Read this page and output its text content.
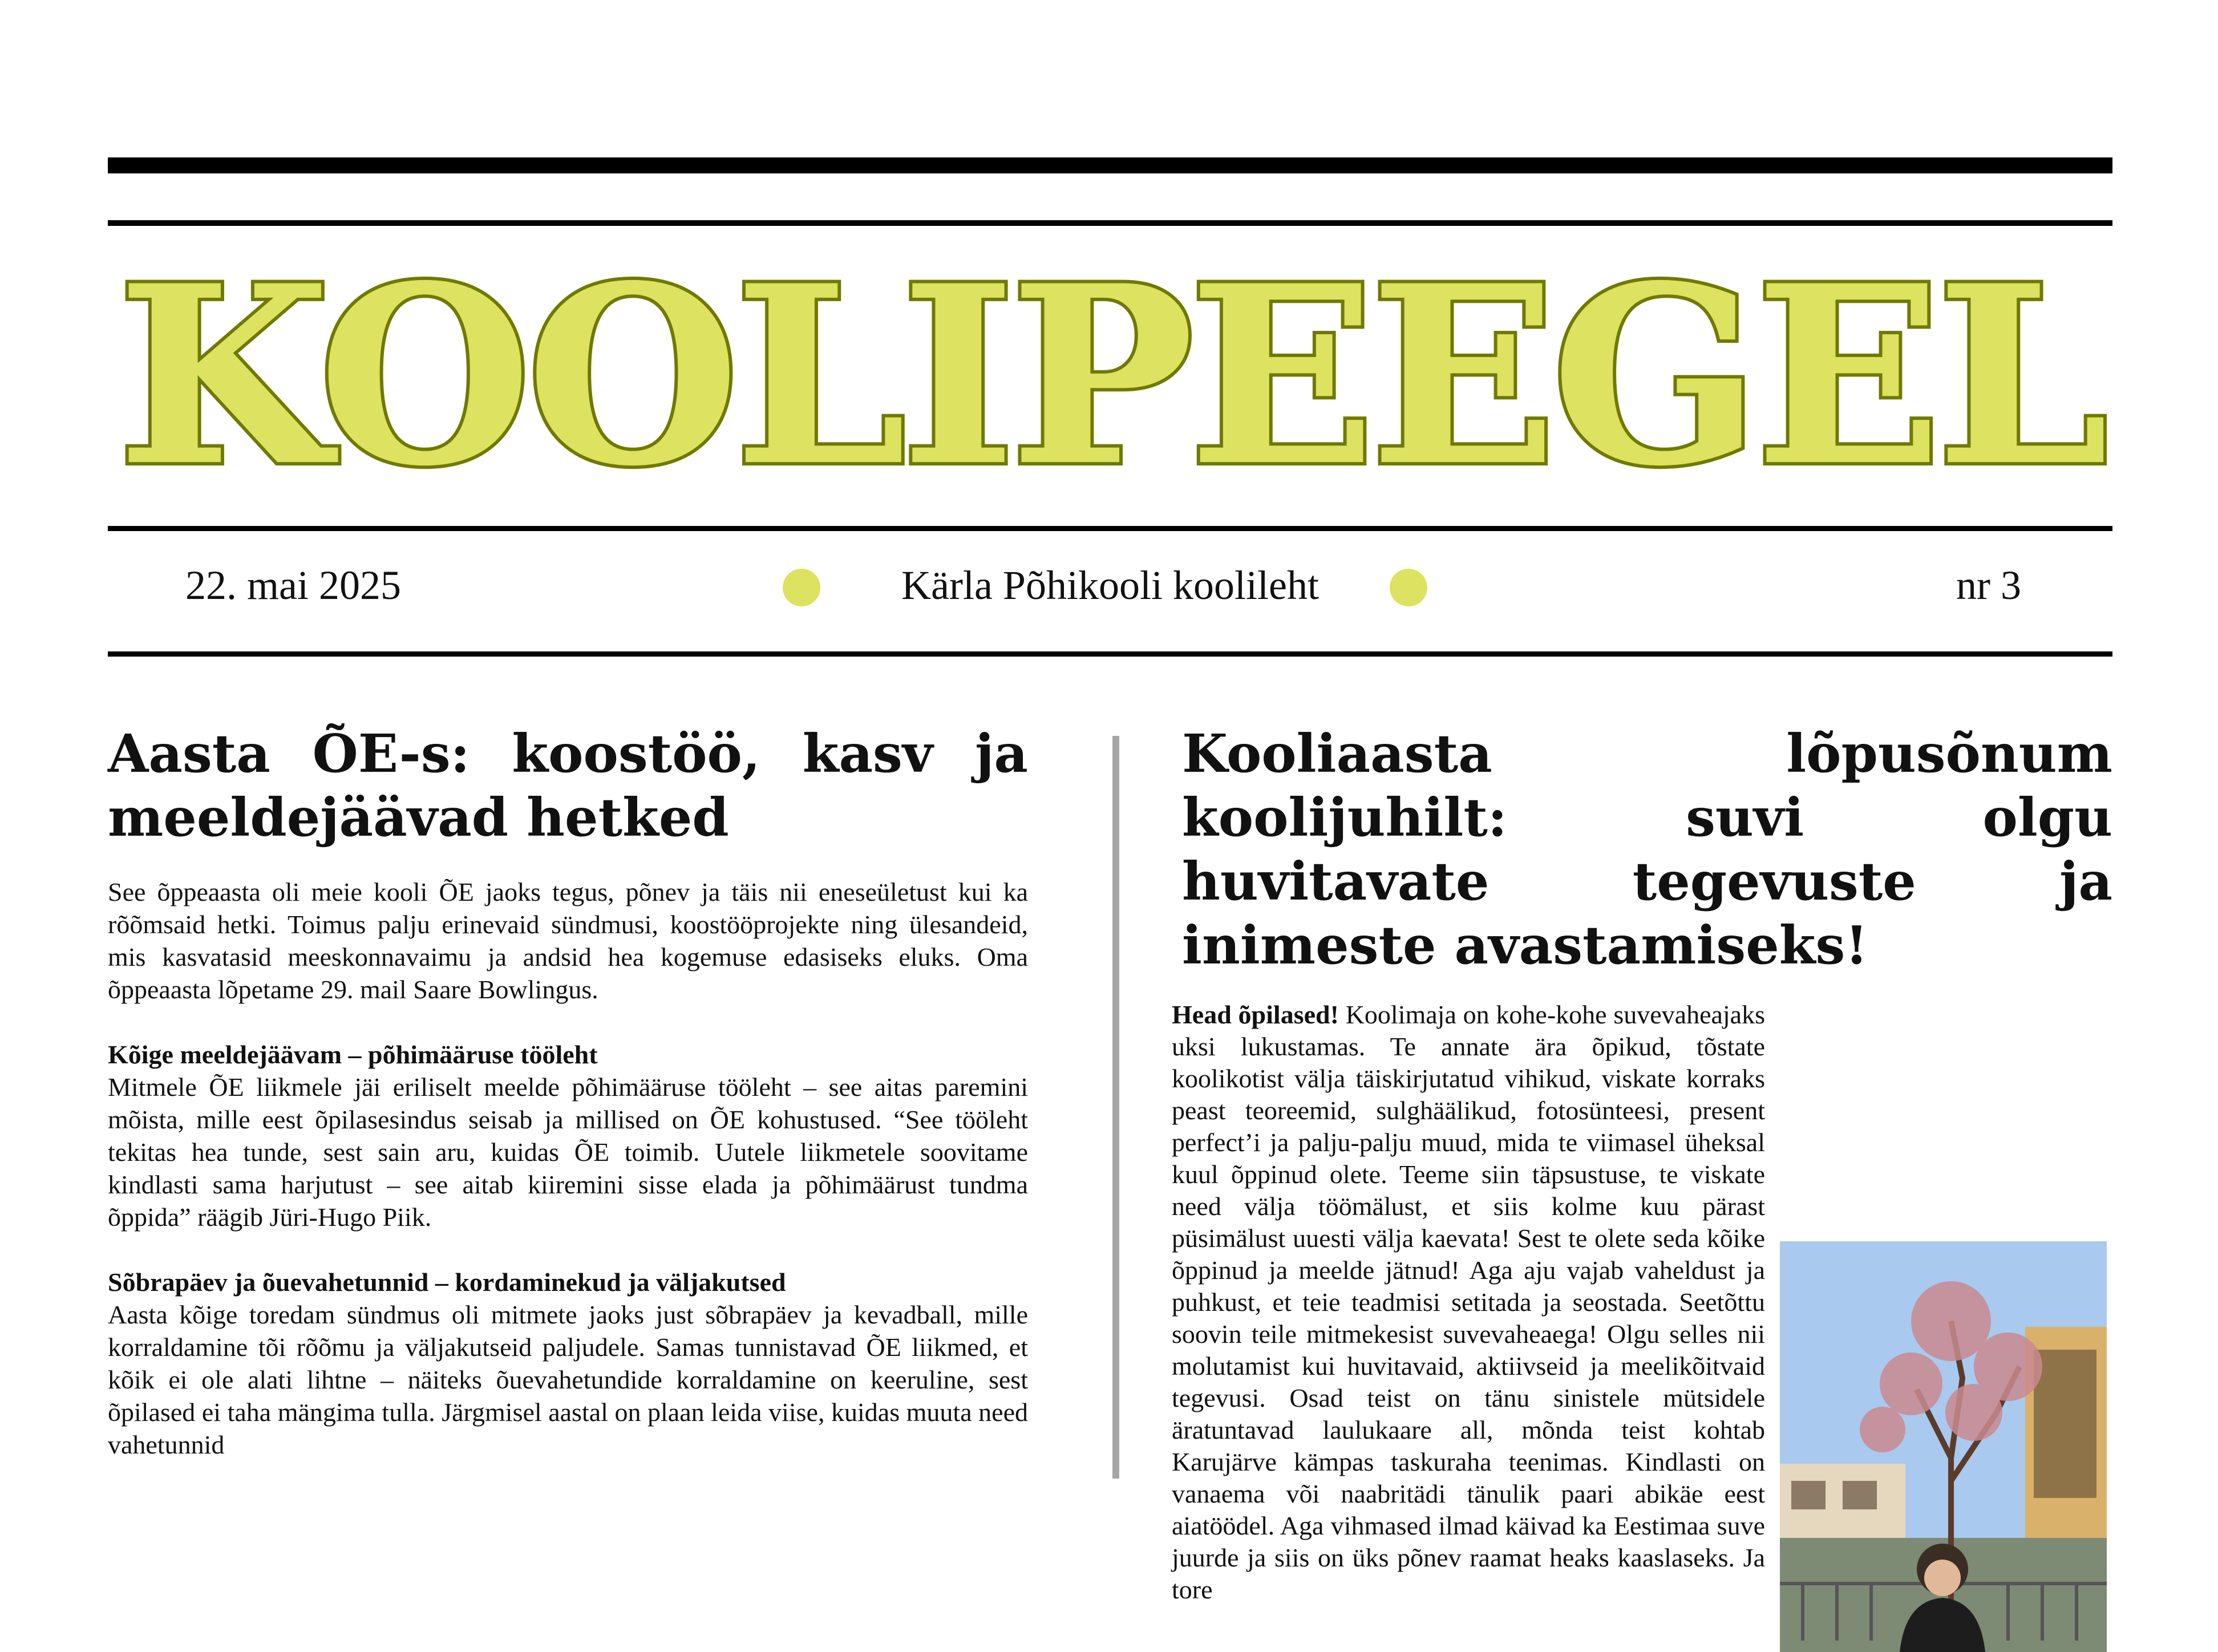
KOOLIPEEGEL
22. mai 2025	Kärla Põhikooli koolileht	nr 3
Aasta ÕE-s: koostöö, kasv ja meeldejäävad hetked

See õppeaasta oli meie kooli ÕE jaoks tegus, põnev ja täis nii eneseületust kui ka rõõmsaid hetki. Toimus palju erinevaid sündmusi, koostööprojekte ning ülesandeid, mis kasvatasid meeskonnavaimu ja andsid hea kogemuse edasiseks eluks. Oma õppeaasta lõpetame 29. mail Saare Bowlingus.

Kõige meeldejäävam – põhimääruse tööleht

Mitmele ÕE liikmele jäi eriliselt meelde põhimääruse tööleht – see aitas paremini mõista, mille eest õpilasesindus seisab ja millised on ÕE kohustused. “See tööleht tekitas hea tunde, sest sain aru, kuidas ÕE toimib. Uutele liikmetele soovitame kindlasti sama harjutust – see aitab kiiremini sisse elada ja põhimäärust tundma õppida” räägib Jüri-Hugo Piik.

Sõbrapäev ja õuevahetunnid – kordaminekud ja väljakutsed

Aasta kõige toredam sündmus oli mitmete jaoks just sõbrapäev ja kevadball, mille korraldamine tõi rõõmu ja väljakutseid paljudele. Samas tunnistavad ÕE liikmed, et kõik ei ole alati lihtne – näiteks õuevahetundide korraldamine on keeruline, sest õpilased ei taha mängima tulla. Järgmisel aastal on plaan leida viise, kuidas muuta need vahetunnid

Kooliaasta lõpusõnum koolijuhilt: suvi olgu huvitavate tegevuste ja inimeste avastamiseks!
Head õpilased! Koolimaja on kohe-kohe suvevaheajaks uksi lukustamas. Te annate ära õpikud, tõstate koolikotist välja täiskirjutatud vihikud, viskate korraks peast teoreemid, sulghäälikud, fotosünteesi, present perfect’i ja palju-palju muud, mida te viimasel üheksal kuul õppinud olete. Teeme siin täpsustuse, te viskate need välja töömälust, et siis kolme kuu pärast püsimälust uuesti välja kaevata! Sest te olete seda kõike õppinud ja meelde jätnud! Aga aju vajab vaheldust ja puhkust, et teie teadmisi setitada ja seostada. Seetõttu soovin teile mitmekesist suvevaheaega! Olgu selles nii molutamist kui huvitavaid, aktiivseid ja meelikõitvaid tegevusi. Osad teist on tänu sinistele mütsidele äratuntavad laulukaare all, mõnda teist kohtab Karujärve kämpas taskuraha teenimas. Kindlasti on vanaema või naabritädi tänulik paari abikäe eest aiatöödel. Aga vihmased ilmad käivad ka Eestimaa suve juurde ja siis on üks põnev raamat heaks kaaslaseks. Ja tore
